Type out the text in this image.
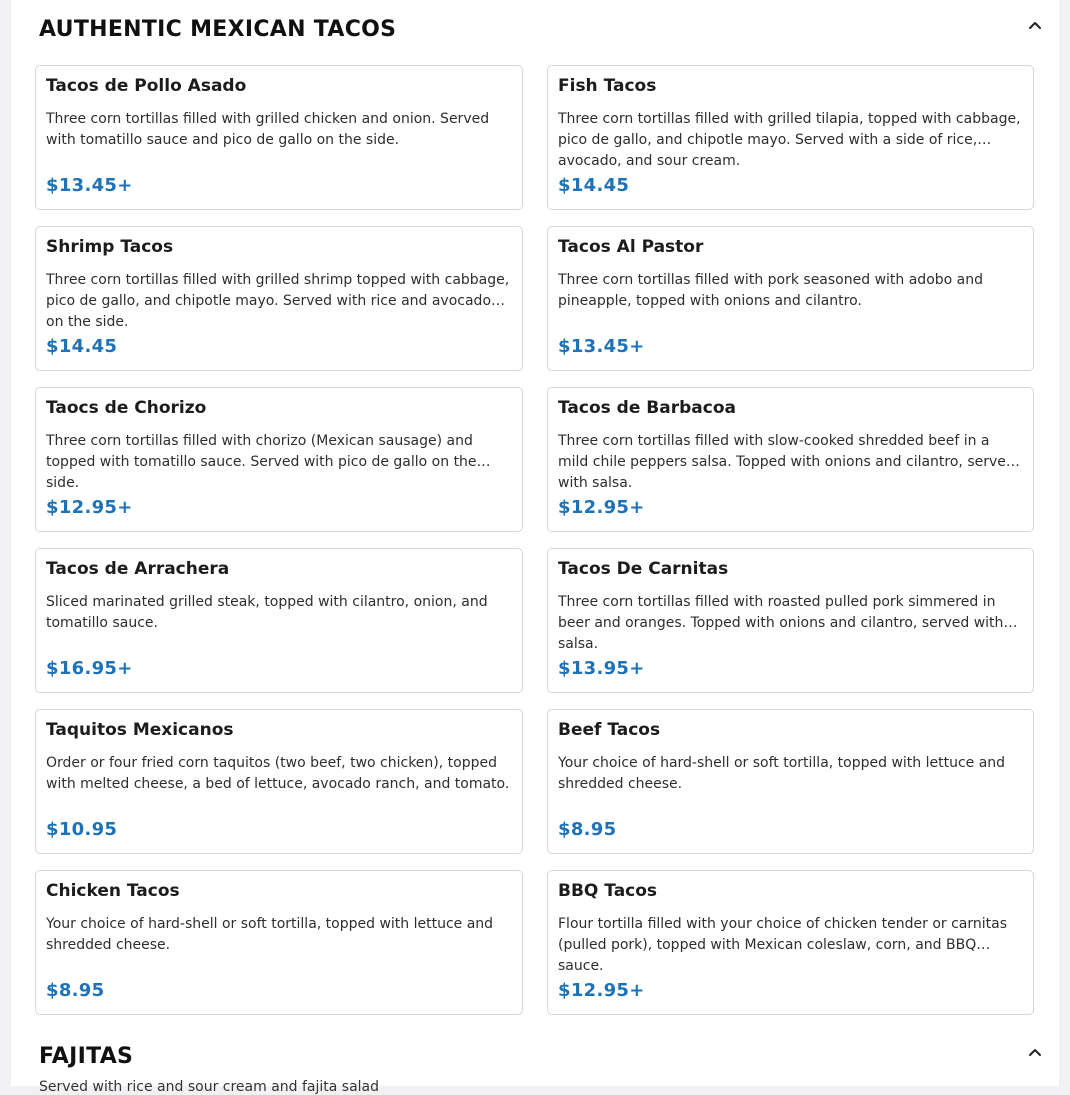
AUTHENTIC MEXICAN TACOS
Tacos de Pollo Asado
Three corn tortillas filled with grilled chicken and onion. Served with tomatillo sauce and pico de gallo on the side.
$13.45+
Fish Tacos
Three corn tortillas filled with grilled tilapia, topped with cabbage, pico de gallo, and chipotle mayo. Served with a side of rice, avocado, and sour cream.
$14.45
Shrimp Tacos
Three corn tortillas filled with grilled shrimp topped with cabbage, pico de gallo, and chipotle mayo. Served with rice and avocado on the side.
$14.45
Tacos Al Pastor
Three corn tortillas filled with pork seasoned with adobo and pineapple, topped with onions and cilantro.
$13.45+
Taocs de Chorizo
Three corn tortillas filled with chorizo (Mexican sausage) and topped with tomatillo sauce. Served with pico de gallo on the side.
$12.95+
Tacos de Barbacoa
Three corn tortillas filled with slow-cooked shredded beef in a mild chile peppers salsa. Topped with onions and cilantro, served with salsa.
$12.95+
Tacos de Arrachera
Sliced marinated grilled steak, topped with cilantro, onion, and tomatillo sauce.
$16.95+
Tacos De Carnitas
Three corn tortillas filled with roasted pulled pork simmered in beer and oranges. Topped with onions and cilantro, served with salsa.
$13.95+
Taquitos Mexicanos
Order or four fried corn taquitos (two beef, two chicken), topped with melted cheese, a bed of lettuce, avocado ranch, and tomato.
$10.95
Beef Tacos
Your choice of hard-shell or soft tortilla, topped with lettuce and shredded cheese.
$8.95
Chicken Tacos
Your choice of hard-shell or soft tortilla, topped with lettuce and shredded cheese.
$8.95
BBQ Tacos
Flour tortilla filled with your choice of chicken tender or carnitas (pulled pork), topped with Mexican coleslaw, corn, and BBQ sauce.
$12.95+
FAJITAS
Served with rice and sour cream and fajita salad
